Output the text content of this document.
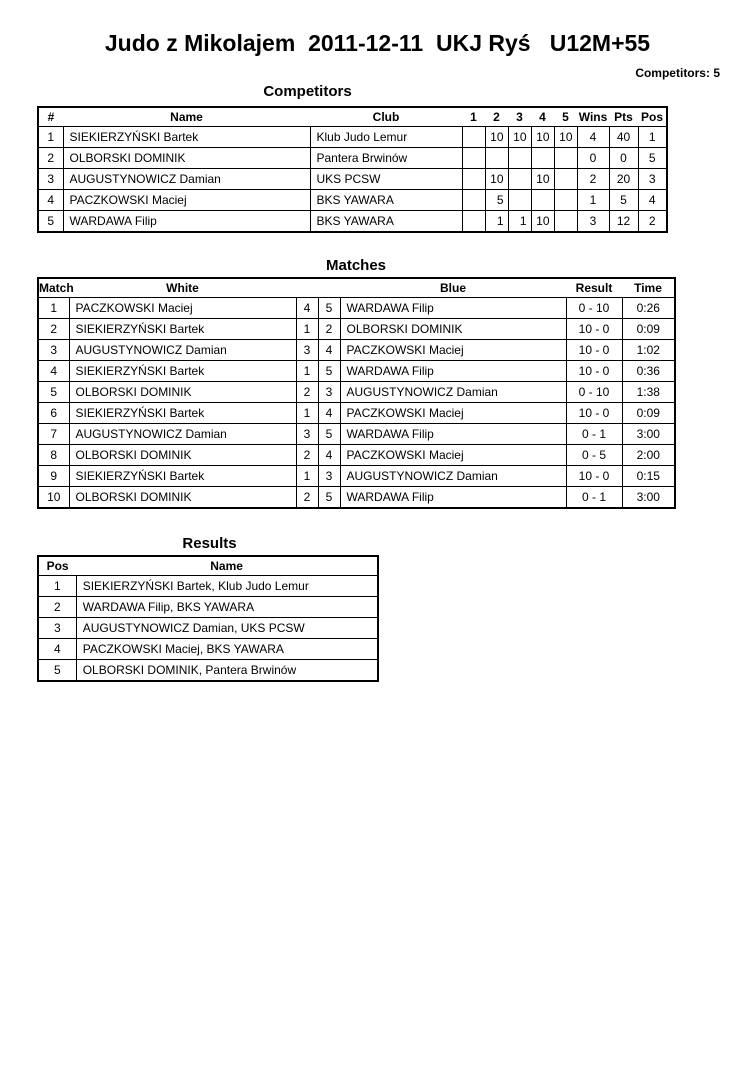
Judo z Mikolajem  2011-12-11  UKJ Ryś   U12M+55
Competitors: 5
Competitors
#	Name	Club	1	2	3	4	5	Wins	Pts	Pos
1	SIEKIERZYŃSKI Bartek	Klub Judo Lemur		10	10	10	10	4	40	1
2	OLBORSKI DOMINIK	Pantera Brwinów						0	0	5
3	AUGUSTYNOWICZ Damian	UKS PCSW		10		10		2	20	3
4	PACZKOWSKI Maciej	BKS YAWARA		5				1	5	4
5	WARDAWA Filip	BKS YAWARA		1	1	10		3	12	2
Matches
Match	White			Blue	Result	Time
1	PACZKOWSKI Maciej	4	5	WARDAWA Filip	0 - 10	0:26
2	SIEKIERZYŃSKI Bartek	1	2	OLBORSKI DOMINIK	10 - 0	0:09
3	AUGUSTYNOWICZ Damian	3	4	PACZKOWSKI Maciej	10 - 0	1:02
4	SIEKIERZYŃSKI Bartek	1	5	WARDAWA Filip	10 - 0	0:36
5	OLBORSKI DOMINIK	2	3	AUGUSTYNOWICZ Damian	0 - 10	1:38
6	SIEKIERZYŃSKI Bartek	1	4	PACZKOWSKI Maciej	10 - 0	0:09
7	AUGUSTYNOWICZ Damian	3	5	WARDAWA Filip	0 - 1	3:00
8	OLBORSKI DOMINIK	2	4	PACZKOWSKI Maciej	0 - 5	2:00
9	SIEKIERZYŃSKI Bartek	1	3	AUGUSTYNOWICZ Damian	10 - 0	0:15
10	OLBORSKI DOMINIK	2	5	WARDAWA Filip	0 - 1	3:00
Results
Pos	Name
1	SIEKIERZYŃSKI Bartek, Klub Judo Lemur
2	WARDAWA Filip, BKS YAWARA
3	AUGUSTYNOWICZ Damian, UKS PCSW
4	PACZKOWSKI Maciej, BKS YAWARA
5	OLBORSKI DOMINIK, Pantera Brwinów
